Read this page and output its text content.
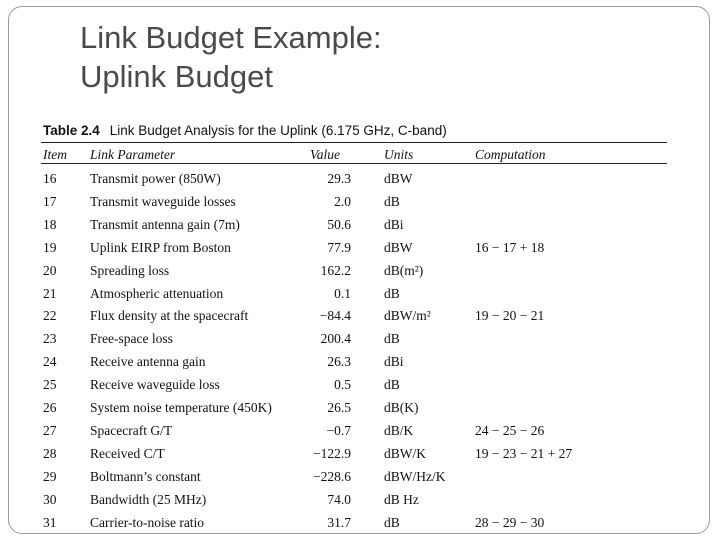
Link Budget Example:
Uplink Budget
Table 2.4 Link Budget Analysis for the Uplink (6.175 GHz, C-band)
Item Link Parameter	Value	Units	Computation
16 Transmit power (850W)	29.3 dBW
17 Transmit waveguide losses	2.0 dB
18 Transmit antenna gain (7m)	50.6 dBi
19 Uplink EIRP from Boston	77.9 dBW	16 − 17 + 18
20 Spreading loss	162.2 dB(m²)
21 Atmospheric attenuation	0.1 dB
22 Flux density at the spacecraft	−84.4 dBW/m²	19 − 20 − 21
23 Free-space loss	200.4 dB
24 Receive antenna gain	26.3 dBi
25 Receive waveguide loss	0.5 dB
26 System noise temperature (450K)	26.5 dB(K)
27 Spacecraft G/T	−0.7 dB/K	24 − 25 − 26
28 Received C/T	−122.9 dBW/K	19 − 23 − 21 + 27
29 Boltmann’s constant	−228.6 dBW/Hz/K
30 Bandwidth (25 MHz)	74.0 dB Hz
31 Carrier-to-noise ratio	31.7 dB	28 − 29 − 30
